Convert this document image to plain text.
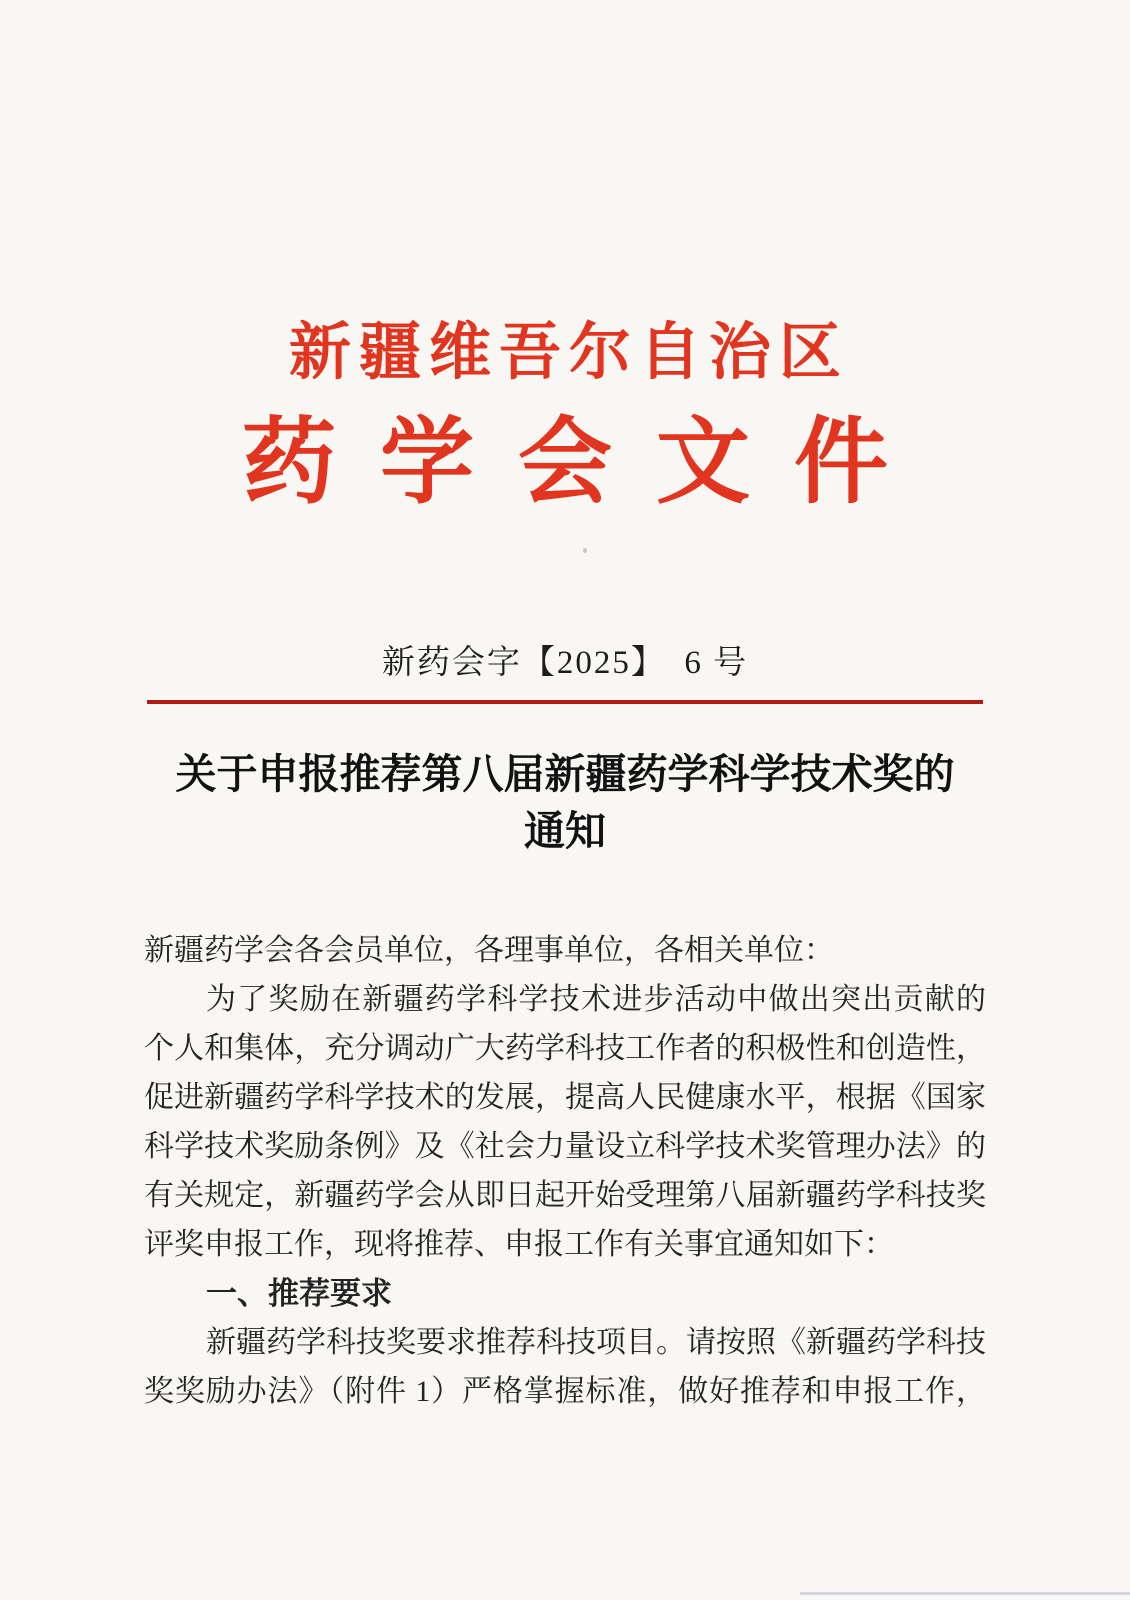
新疆维吾尔自治区
药学会文件
新药会字【2025】　6 号
关于申报推荐第八届新疆药学科学技术奖的
通知
新疆药学会各会员单位，各理事单位，各相关单位：
为了奖励在新疆药学科学技术进步活动中做出突出贡献的
个人和集体，充分调动广大药学科技工作者的积极性和创造性，
促进新疆药学科学技术的发展，提高人民健康水平，根据《国家
科学技术奖励条例》及《社会力量设立科学技术奖管理办法》的
有关规定，新疆药学会从即日起开始受理第八届新疆药学科技奖
评奖申报工作，现将推荐、申报工作有关事宜通知如下：
一、推荐要求
新疆药学科技奖要求推荐科技项目。请按照《新疆药学科技
奖奖励办法》（附件 1）严格掌握标准，做好推荐和申报工作，
